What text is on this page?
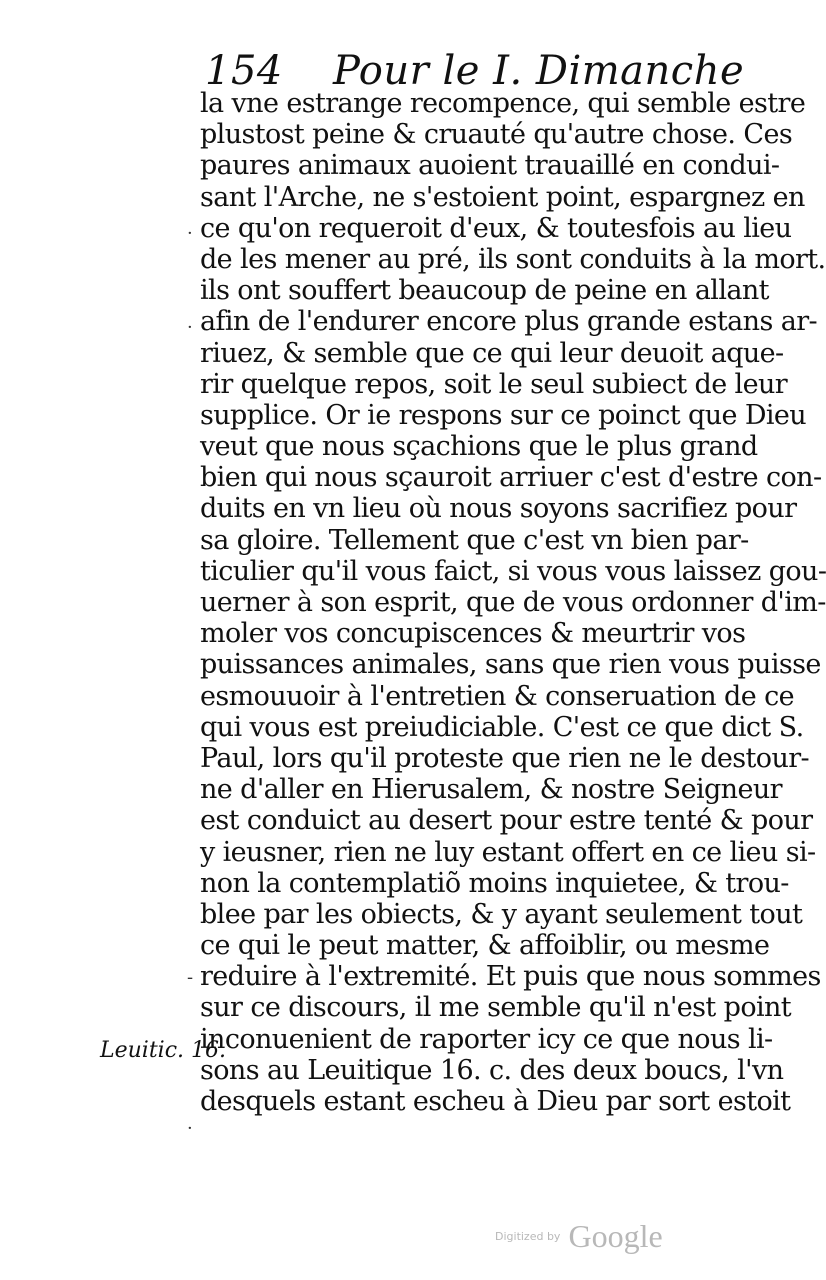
154 Pour le I. Dimanche
la vne estrange recompence, qui semble estre
plustost peine & cruauté qu'autre chose. Ces
paures animaux auoient trauaillé en condui-
sant l'Arche, ne s'estoient point, espargnez en
ce qu'on requeroit d'eux, & toutesfois au lieu
de les mener au pré, ils sont conduits à la mort.
ils ont souffert beaucoup de peine en allant
afin de l'endurer encore plus grande estans ar-
riuez, & semble que ce qui leur deuoit aque-
rir quelque repos, soit le seul subiect de leur
supplice. Or ie respons sur ce poinct que Dieu
veut que nous sçachions que le plus grand
bien qui nous sçauroit arriuer c'est d'estre con-
duits en vn lieu où nous soyons sacrifiez pour
sa gloire. Tellement que c'est vn bien par-
ticulier qu'il vous faict, si vous vous laissez gou-
uerner à son esprit, que de vous ordonner d'im-
moler vos concupiscences & meurtrir vos
puissances animales, sans que rien vous puisse
esmouuoir à l'entretien & conseruation de ce
qui vous est preiudiciable. C'est ce que dict S.
Paul, lors qu'il proteste que rien ne le destour-
ne d'aller en Hierusalem, & nostre Seigneur
est conduict au desert pour estre tenté & pour
y ieusner, rien ne luy estant offert en ce lieu si-
non la contemplatiõ moins inquietee, & trou-
blee par les obiects, & y ayant seulement tout
ce qui le peut matter, & affoiblir, ou mesme
reduire à l'extremité. Et puis que nous sommes
sur ce discours, il me semble qu'il n'est point
inconuenient de raporter icy ce que nous li-
sons au Leuitique 16. c. des deux boucs, l'vn
desquels estant escheu à Dieu par sort estoit
Leuitic. 16.
·
·
-
·
Digitized by Google
